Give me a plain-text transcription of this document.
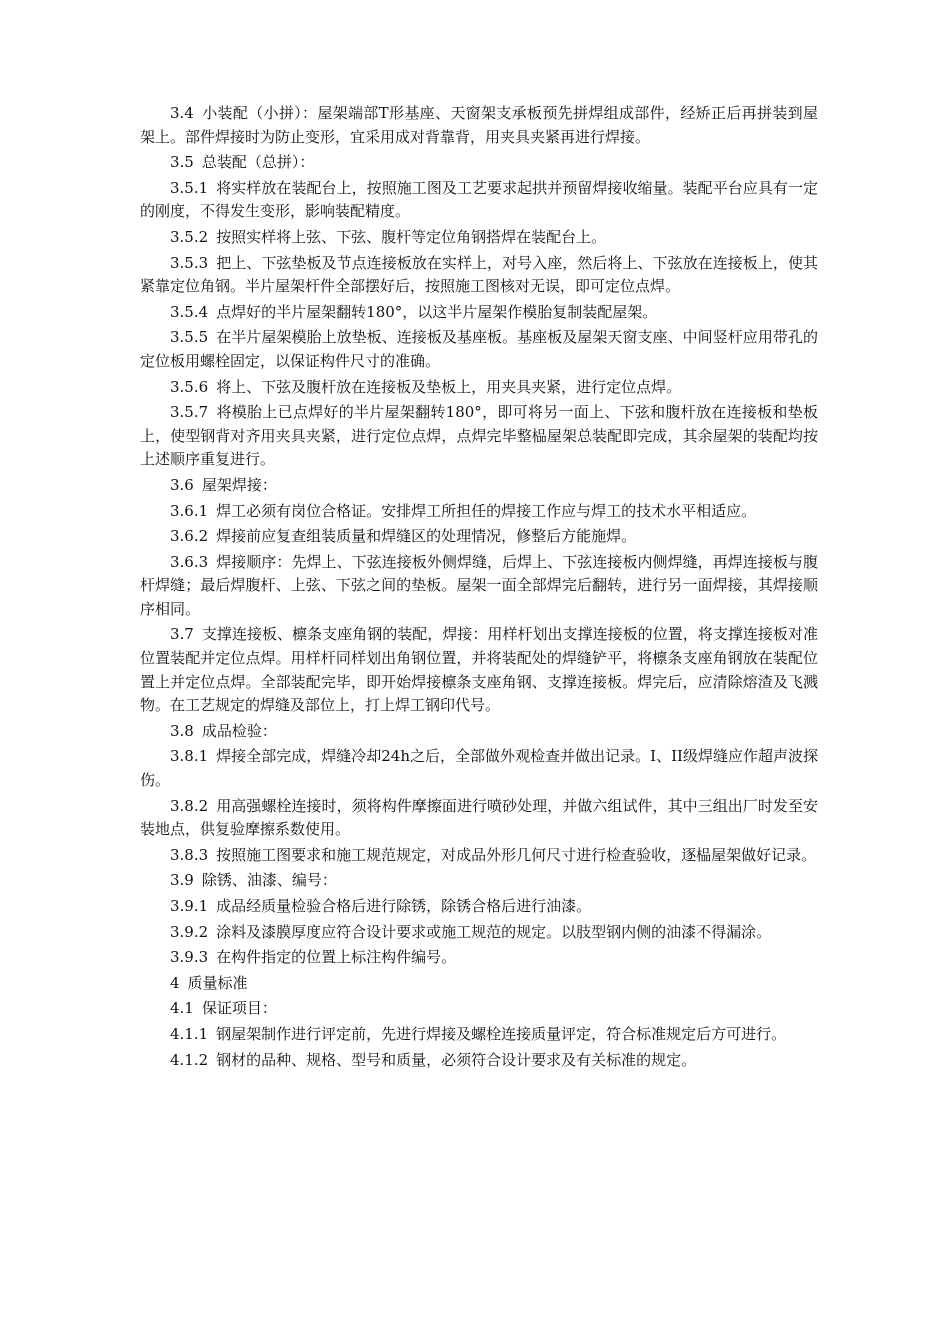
3.4 小装配（小拼）：屋架端部T形基座、天窗架支承板预先拼焊组成部件，经矫正后再拼装到屋架上。部件焊接时为防止变形，宜采用成对背靠背，用夹具夹紧再进行焊接。

3.5 总装配（总拼）：

3.5.1 将实样放在装配台上，按照施工图及工艺要求起拱并预留焊接收缩量。装配平台应具有一定的刚度，不得发生变形，影响装配精度。

3.5.2 按照实样将上弦、下弦、腹杆等定位角钢搭焊在装配台上。

3.5.3 把上、下弦垫板及节点连接板放在实样上，对号入座，然后将上、下弦放在连接板上，使其紧靠定位角钢。半片屋架杆件全部摆好后，按照施工图核对无误，即可定位点焊。

3.5.4 点焊好的半片屋架翻转180°，以这半片屋架作模胎复制装配屋架。

3.5.5 在半片屋架模胎上放垫板、连接板及基座板。基座板及屋架天窗支座、中间竖杆应用带孔的定位板用螺栓固定，以保证构件尺寸的准确。

3.5.6 将上、下弦及腹杆放在连接板及垫板上，用夹具夹紧，进行定位点焊。

3.5.7 将模胎上已点焊好的半片屋架翻转180°，即可将另一面上、下弦和腹杆放在连接板和垫板上，使型钢背对齐用夹具夹紧，进行定位点焊，点焊完毕整榀屋架总装配即完成，其余屋架的装配均按上述顺序重复进行。

3.6 屋架焊接：

3.6.1 焊工必须有岗位合格证。安排焊工所担任的焊接工作应与焊工的技术水平相适应。

3.6.2 焊接前应复查组装质量和焊缝区的处理情况，修整后方能施焊。

3.6.3 焊接顺序：先焊上、下弦连接板外侧焊缝，后焊上、下弦连接板内侧焊缝，再焊连接板与腹杆焊缝；最后焊腹杆、上弦、下弦之间的垫板。屋架一面全部焊完后翻转，进行另一面焊接，其焊接顺序相同。

3.7 支撑连接板、檩条支座角钢的装配，焊接：用样杆划出支撑连接板的位置，将支撑连接板对准位置装配并定位点焊。用样杆同样划出角钢位置，并将装配处的焊缝铲平，将檩条支座角钢放在装配位置上并定位点焊。全部装配完毕，即开始焊接檩条支座角钢、支撑连接板。焊完后，应清除熔渣及飞溅物。在工艺规定的焊缝及部位上，打上焊工钢印代号。

3.8 成品检验：

3.8.1 焊接全部完成，焊缝冷却24h之后，全部做外观检查并做出记录。I、II级焊缝应作超声波探伤。

3.8.2 用高强螺栓连接时，须将构件摩擦面进行喷砂处理，并做六组试件，其中三组出厂时发至安装地点，供复验摩擦系数使用。

3.8.3 按照施工图要求和施工规范规定，对成品外形几何尺寸进行检查验收，逐榀屋架做好记录。

3.9 除锈、油漆、编号：

3.9.1 成品经质量检验合格后进行除锈，除锈合格后进行油漆。

3.9.2 涂料及漆膜厚度应符合设计要求或施工规范的规定。以肢型钢内侧的油漆不得漏涂。

3.9.3 在构件指定的位置上标注构件编号。

4 质量标准

4.1 保证项目：

4.1.1 钢屋架制作进行评定前，先进行焊接及螺栓连接质量评定，符合标准规定后方可进行。

4.1.2 钢材的品种、规格、型号和质量，必须符合设计要求及有关标准的规定。
